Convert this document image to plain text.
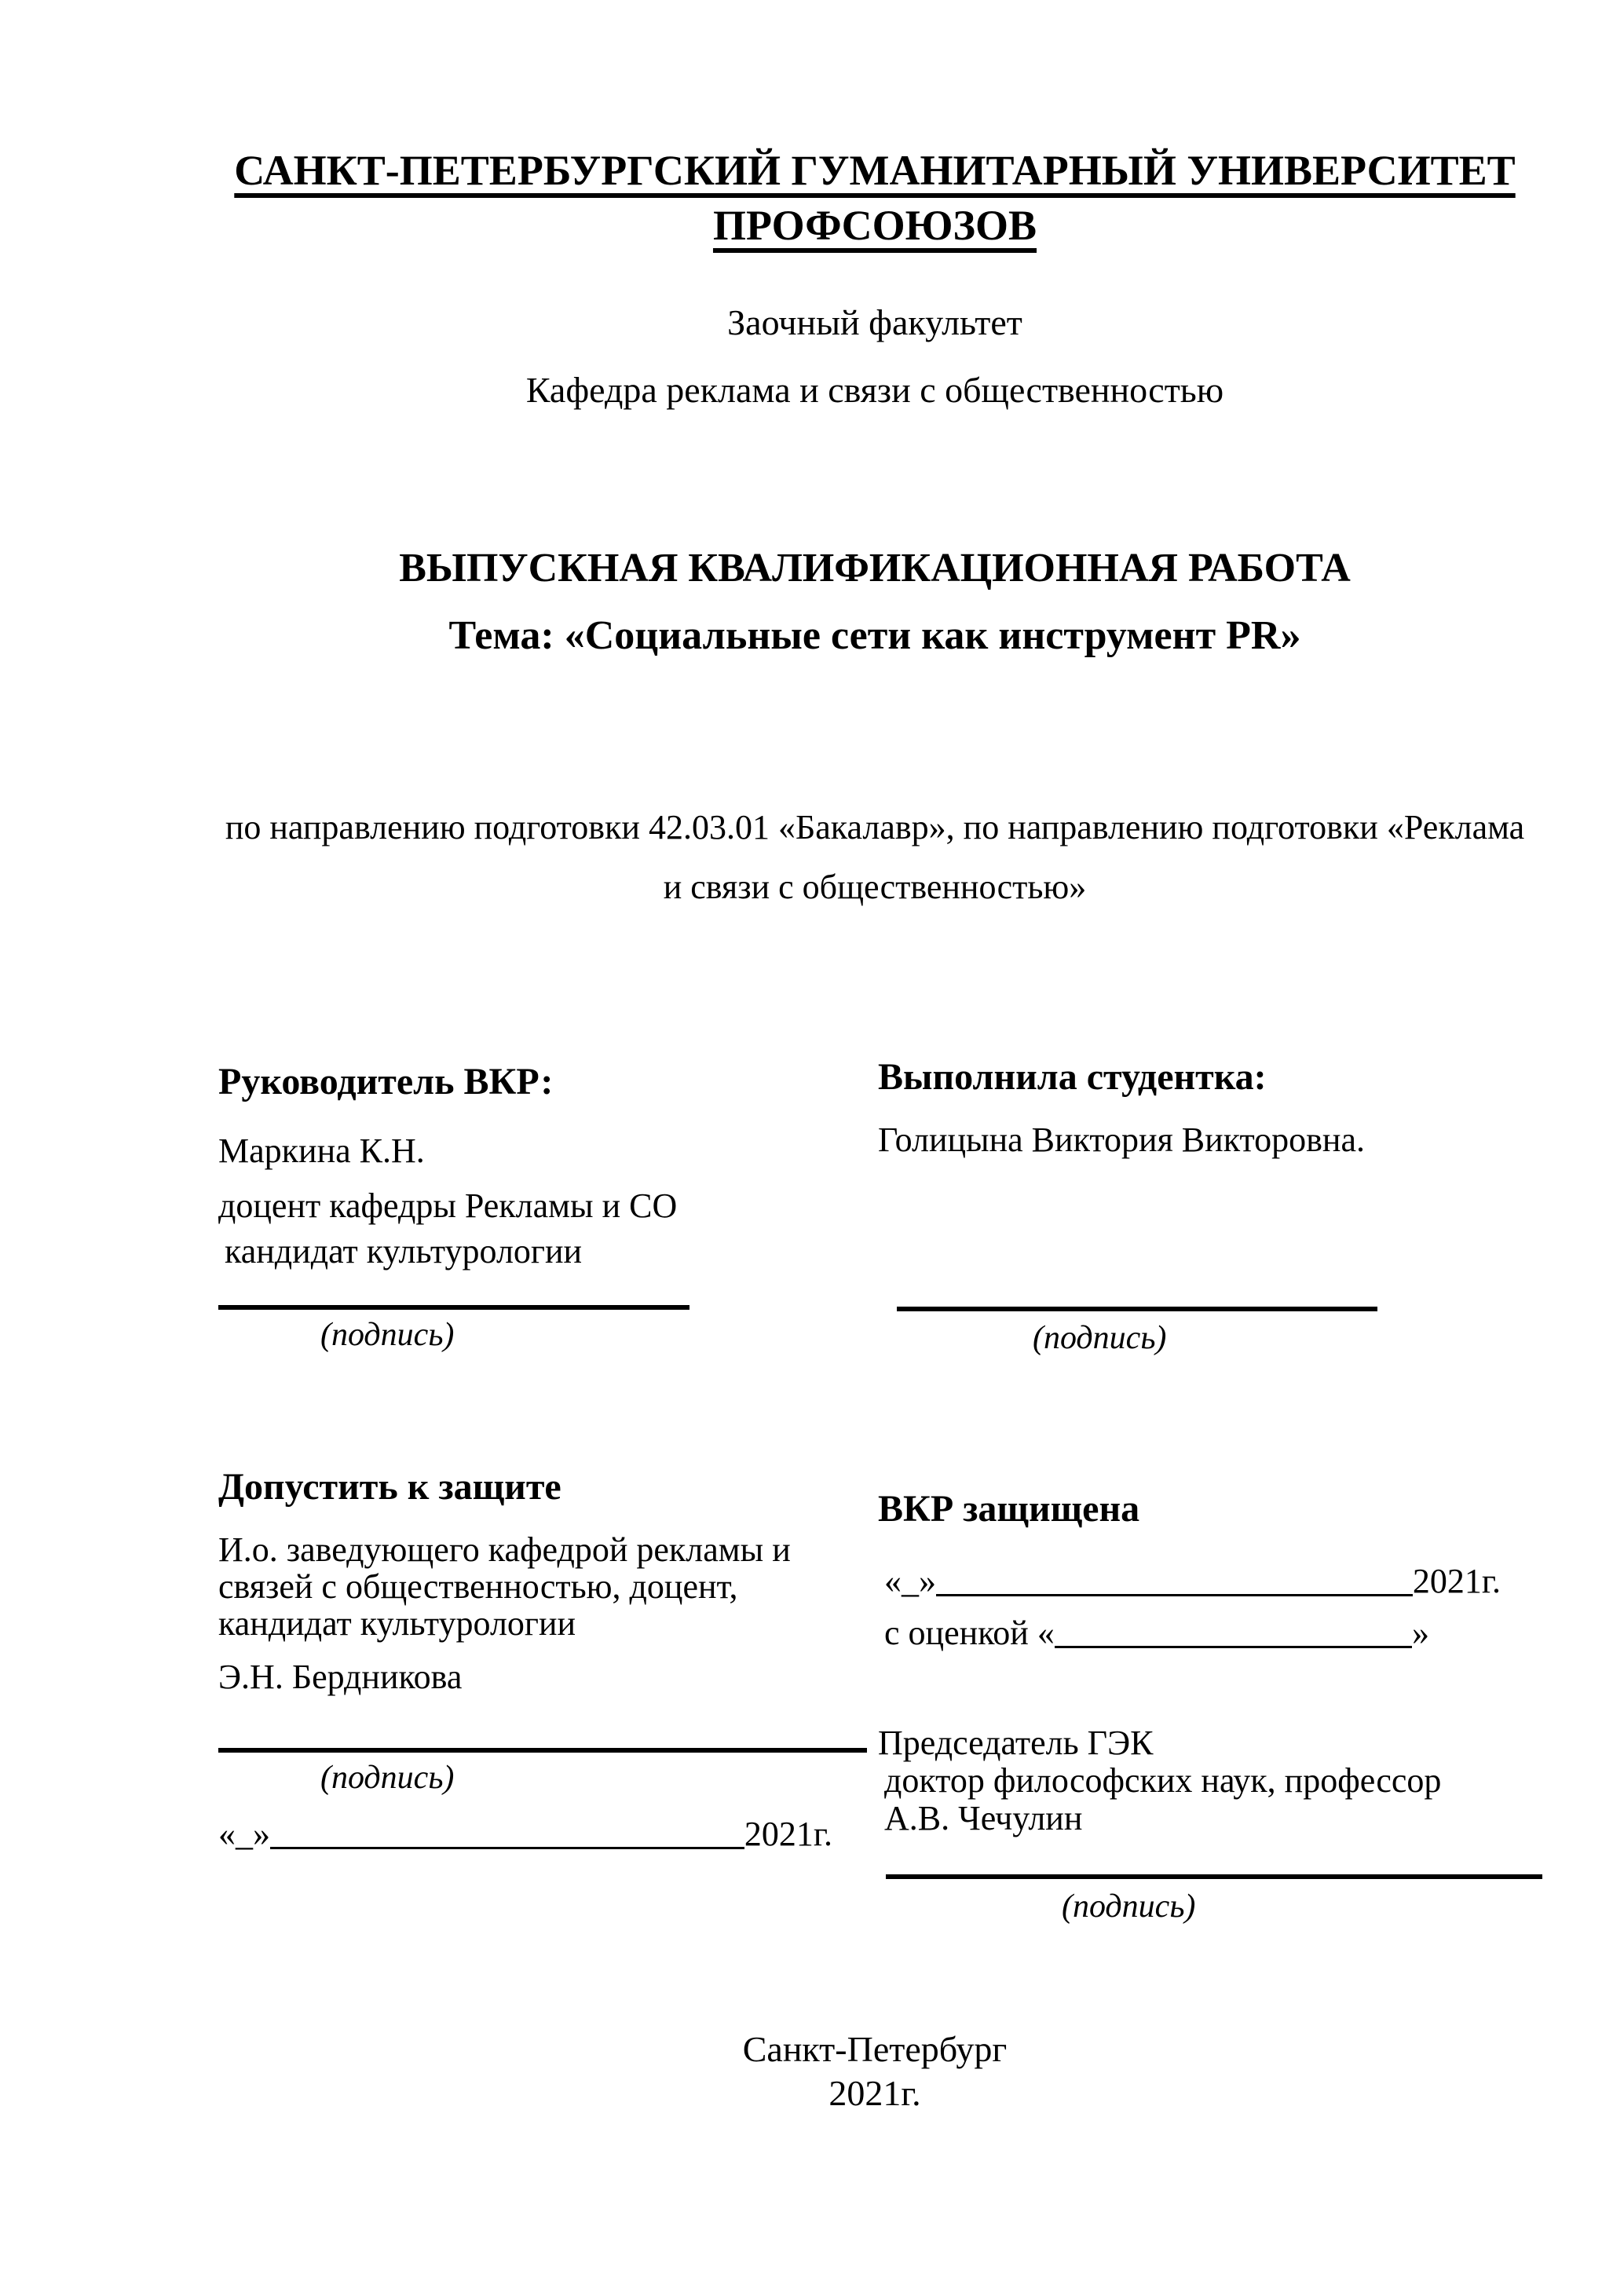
САНКТ-ПЕТЕРБУРГСКИЙ ГУМАНИТАРНЫЙ УНИВЕРСИТЕТ
ПРОФСОЮЗОВ
Заочный факультет
Кафедра реклама и связи с общественностью
ВЫПУСКНАЯ КВАЛИФИКАЦИОННАЯ РАБОТА
Тема: «Социальные сети как инструмент PR»
по направлению подготовки 42.03.01 «Бакалавр», по направлению подготовки «Реклама
и связи с общественностью»
Руководитель ВКР:
Маркина К.Н.
доцент кафедры Рекламы и СО
кандидат культурологии
(подпись)
Выполнила студентка:
Голицына Виктория Викторовна.
(подпись)
Допустить к защите
И.о. заведующего кафедрой рекламы и
связей с общественностью, доцент,
кандидат культурологии
Э.Н. Бердникова
(подпись)
«_»	2021г.
ВКР защищена
«_»	2021г.
с оценкой «	»
Председатель ГЭК
доктор философских наук, профессор
А.В. Чечулин
(подпись)
Санкт-Петербург
2021г.
